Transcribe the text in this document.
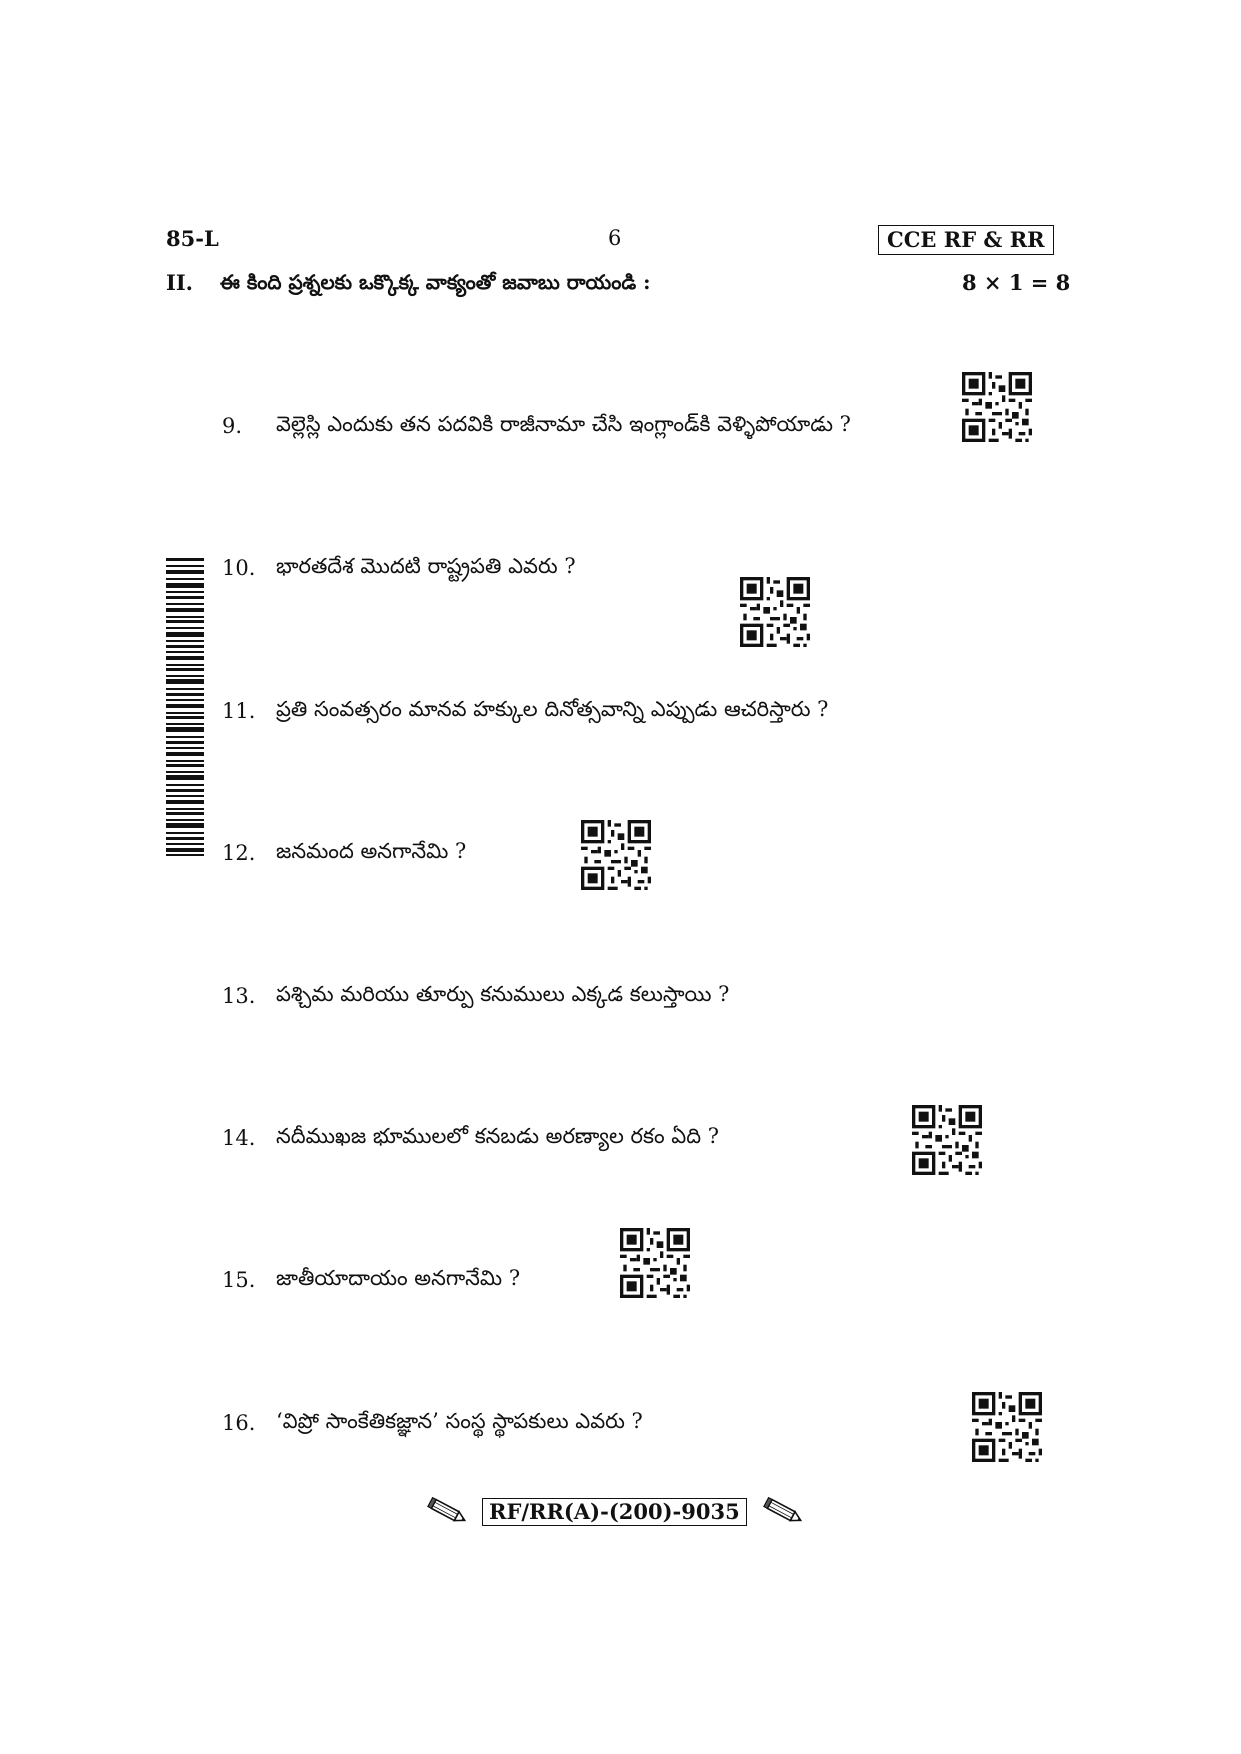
85-L	6	CCE RF & RR
II. ఈ కింది ప్రశ్నలకు ఒక్కొక్క వాక్యంతో జవాబు రాయండి :	8 × 1 = 8
9.	వెల్లెస్లి ఎందుకు తన పదవికి రాజీనామా చేసి ఇంగ్లాండ్‌కి వెళ్ళిపోయాడు ?
10. భారతదేశ మొదటి రాష్ట్రపతి ఎవరు ?
11. ప్రతి సంవత్సరం మానవ హక్కుల దినోత్సవాన్ని ఎప్పుడు ఆచరిస్తారు ?
12. జనమంద అనగానేమి ?
13. పశ్చిమ మరియు తూర్పు కనుములు ఎక్కడ కలుస్తాయి ?
14. నదీముఖజ భూములలో కనబడు అరణ్యాల రకం ఏది ?
15. జాతీయాదాయం అనగానేమి ?
16. ‘విప్రో సాంకేతికజ్ఞాన’ సంస్థ స్థాపకులు ఎవరు ?
RF/RR(A)-(200)-9035
